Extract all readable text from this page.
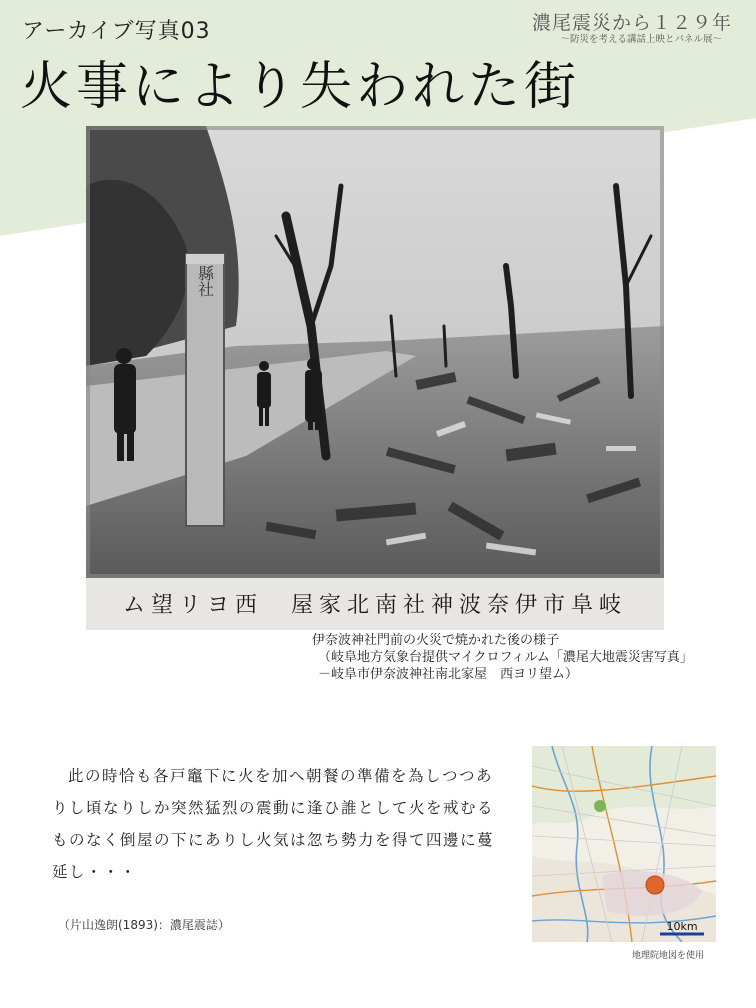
アーカイブ写真03
火事により失われた街
濃尾震災から１２９年
～防災を考える講話上映とパネル展～
縣社
岐阜市伊奈波神社南北家屋　西ヨリ望ム
伊奈波神社門前の火災で焼かれた後の様子
（岐阜地方気象台提供マイクロフィルム「濃尾大地震災害写真」
－岐阜市伊奈波神社南北家屋　西ヨリ望ム）
此の時恰も各戸竈下に火を加へ朝餐の準備を為しつつありし頃なりしか突然猛烈の震動に逢ひ誰として火を戒むるものなく倒屋の下にありし火気は忽ち勢力を得て四邊に蔓延し・・・
（片山逸朗(1893)：濃尾震誌）	10km
地理院地図を使用
